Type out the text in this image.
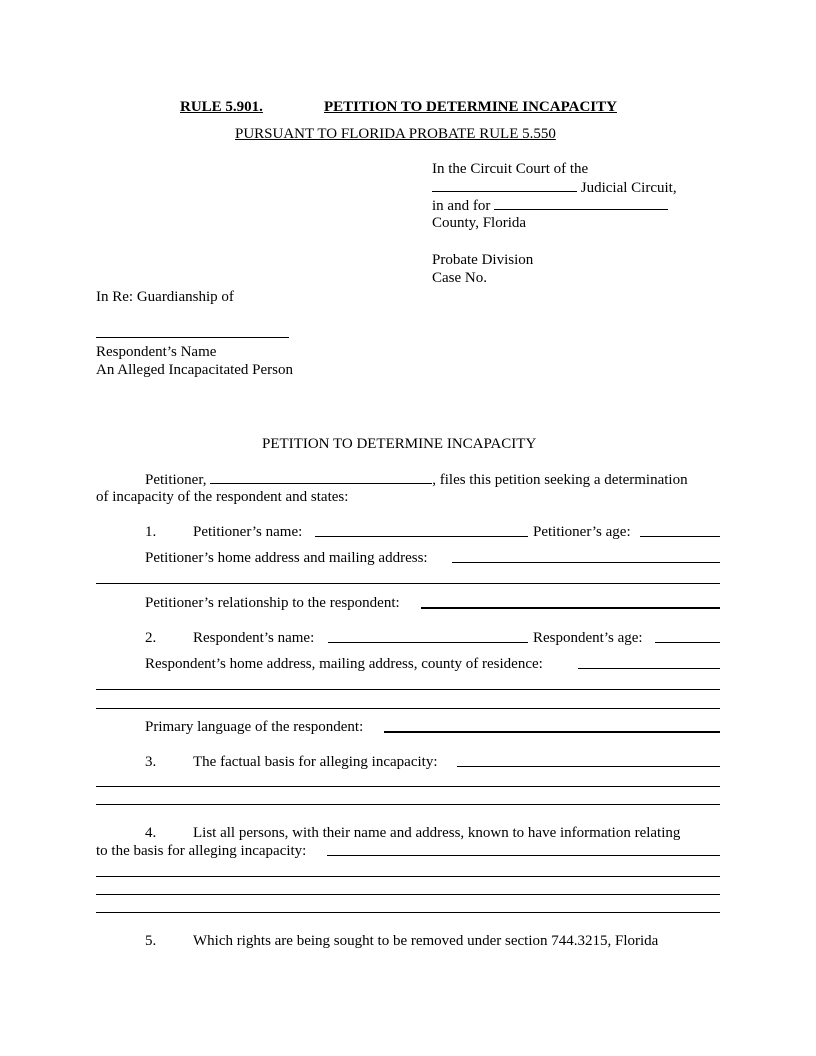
RULE 5.901.	PETITION TO DETERMINE INCAPACITY
PURSUANT TO FLORIDA PROBATE RULE 5.550
In the Circuit Court of the
Judicial Circuit,
in and for
County, Florida
Probate Division
Case No.
In Re: Guardianship of
Respondent’s Name
An Alleged Incapacitated Person
PETITION TO DETERMINE INCAPACITY
Petitioner,	, files this petition seeking a determination
of incapacity of the respondent and states:
1. Petitioner’s name:	Petitioner’s age:
Petitioner’s home address and mailing address:
Petitioner’s relationship to the respondent:
2. Respondent’s name:	Respondent’s age:
Respondent’s home address, mailing address, county of residence:
Primary language of the respondent:
3. The factual basis for alleging incapacity:
4. List all persons, with their name and address, known to have information relating
to the basis for alleging incapacity:
5. Which rights are being sought to be removed under section 744.3215, Florida
